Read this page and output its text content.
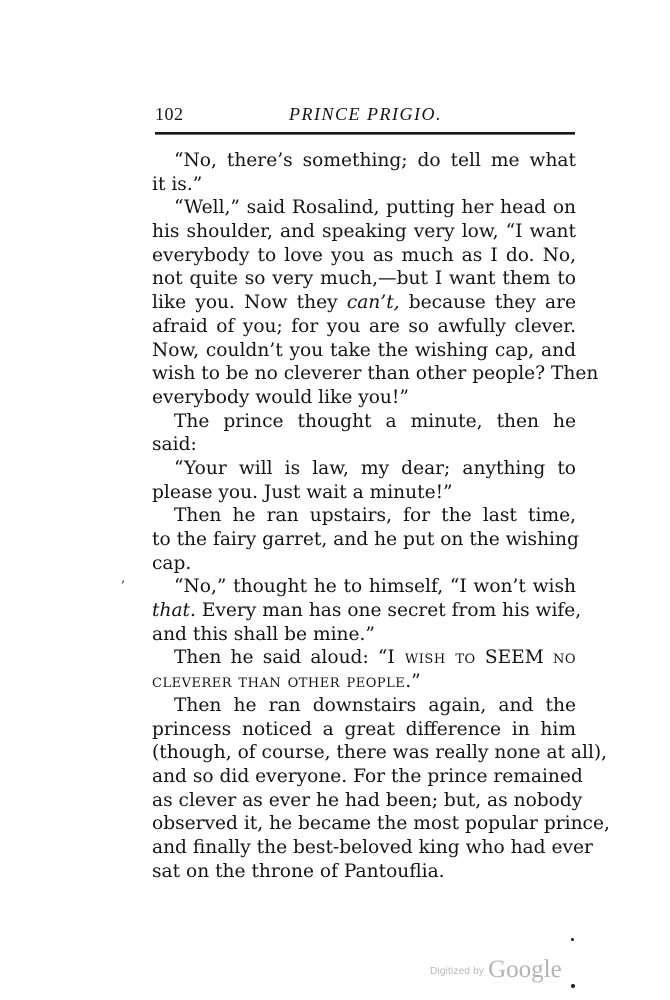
102	PRINCE PRIGIO.
“No, there’s something; do tell me what
it is.”
“Well,” said Rosalind, putting her head on
his shoulder, and speaking very low, “I want
everybody to love you as much as I do. No,
not quite so very much,—but I want them to
like you. Now they can’t, because they are
afraid of you; for you are so awfully clever.
Now, couldn’t you take the wishing cap, and
wish to be no cleverer than other people? Then
everybody would like you!”
The prince thought a minute, then he
said:
“Your will is law, my dear; anything to
please you. Just wait a minute!”
Then he ran upstairs, for the last time,
to the fairy garret, and he put on the wishing
cap.
“No,” thought he to himself, “I won’t wish
that. Every man has one secret from his wife,
and this shall be mine.”
Then he said aloud: “I wish to SEEM no
cleverer than other people.”
Then he ran downstairs again, and the
princess noticed a great difference in him
(though, of course, there was really none at all),
and so did everyone. For the prince remained
as clever as ever he had been; but, as nobody
observed it, he became the most popular prince,
and finally the best-beloved king who had ever
sat on the throne of Pantouflia.
‚
Digitized by Google
